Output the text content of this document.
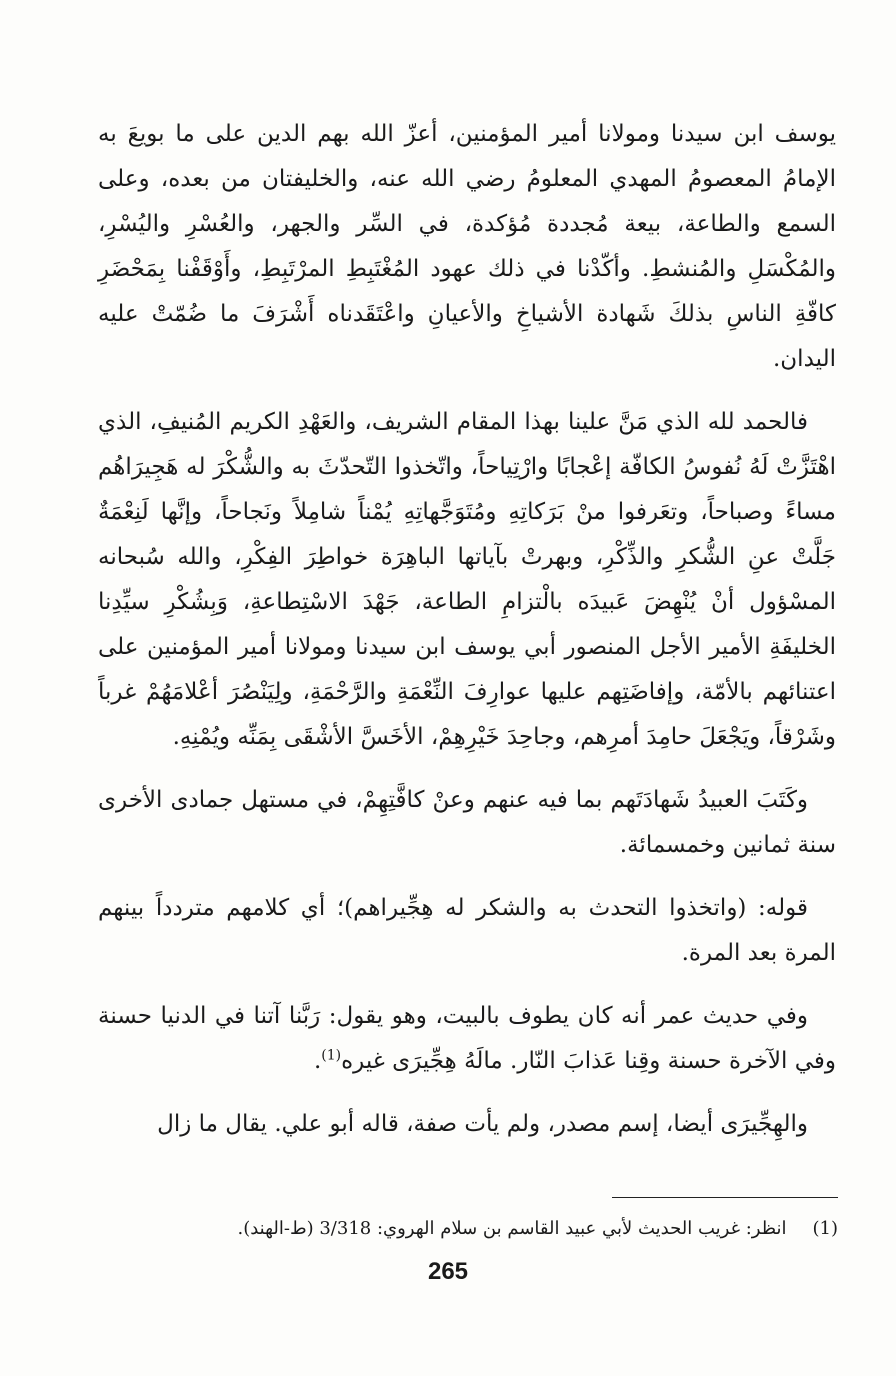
يوسف ابن سيدنا ومولانا أمير المؤمنين، أعزّ الله بهم الدين على ما بويعَ به الإمامُ المعصومُ المهدي المعلومُ رضي الله عنه، والخليفتان من بعده، وعلى السمع والطاعة، بيعة مُجددة مُؤكدة، في السِّر والجهر، والعُسْرِ واليُسْرِ، والمُكْسَلِ والمُنشطِ. وأكّدْنا في ذلك عهود المُغْتَبِطِ المرْتَبِطِ، وأَوْقَفْنا بِمَحْضَرِ كافّةِ الناسِ بذلكَ شَهادة الأشياخِ والأعيانِ واعْتَقَدناه أَشْرَفَ ما ضُمّتْ عليه اليدان.

فالحمد لله الذي مَنَّ علينا بهذا المقام الشريف، والعَهْدِ الكريم المُنيفِ، الذي اهْتَزَّتْ لَهُ نُفوسُ الكافّة إعْجابًا وارْتِياحاً، واتّخذوا التّحدّثَ به والشُّكْرَ له هَجِيرَاهُم مساءً وصباحاً، وتعَرفوا منْ بَرَكاتِهِ ومُتَوَجَّهاتِهِ يُمْناً شامِلاً ونَجاحاً، وإنَّها لَنِعْمَةٌ جَلَّتْ عنِ الشُّكرِ والذِّكْرِ، وبهرتْ بآياتها الباهِرَة خواطِرَ الفِكْرِ، والله سُبحانه المسْؤول أنْ يُنْهِضَ عَبيدَه بالْتزامِ الطاعة، جَهْدَ الاسْتِطاعةِ، وَبِشُكْرِ سيِّدِنا الخليفَةِ الأمير الأجل المنصور أبي يوسف ابن سيدنا ومولانا أمير المؤمنين على اعتنائهم بالأمّة، وإفاضَتِهم عليها عوارِفَ النِّعْمَةِ والرَّحْمَةِ، ولِيَنْصُرَ أعْلامَهُمْ غرباً وشَرْقاً، ويَجْعَلَ حامِدَ أمرِهم، وجاحِدَ خَيْرِهِمْ، الأخَسَّ الأشْقَى بِمَنِّه ويُمْنِهِ.

وكَتَبَ العبيدُ شَهادَتَهم بما فيه عنهم وعنْ كافَّتِهِمْ، في مستهل جمادى الأخرى سنة ثمانين وخمسمائة.

قوله: (واتخذوا التحدث به والشكر له هِجِّيراهم)؛ أي كلامهم متردداً بينهم المرة بعد المرة.

وفي حديث عمر أنه كان يطوف بالبيت، وهو يقول: رَبَّنا آتنا في الدنيا حسنة وفي الآخرة حسنة وقِنا عَذابَ النّار. مالَهُ هِجِّيرَى غيره$^{(1)}$.

والهِجِّيرَى أيضا، إسم مصدر، ولم يأت صفة، قاله أبو علي. يقال ما زال

(1)انظر: غريب الحديث لأبي عبيد القاسم بن سلام الهروي: 3/318 (ط-الهند).
265
